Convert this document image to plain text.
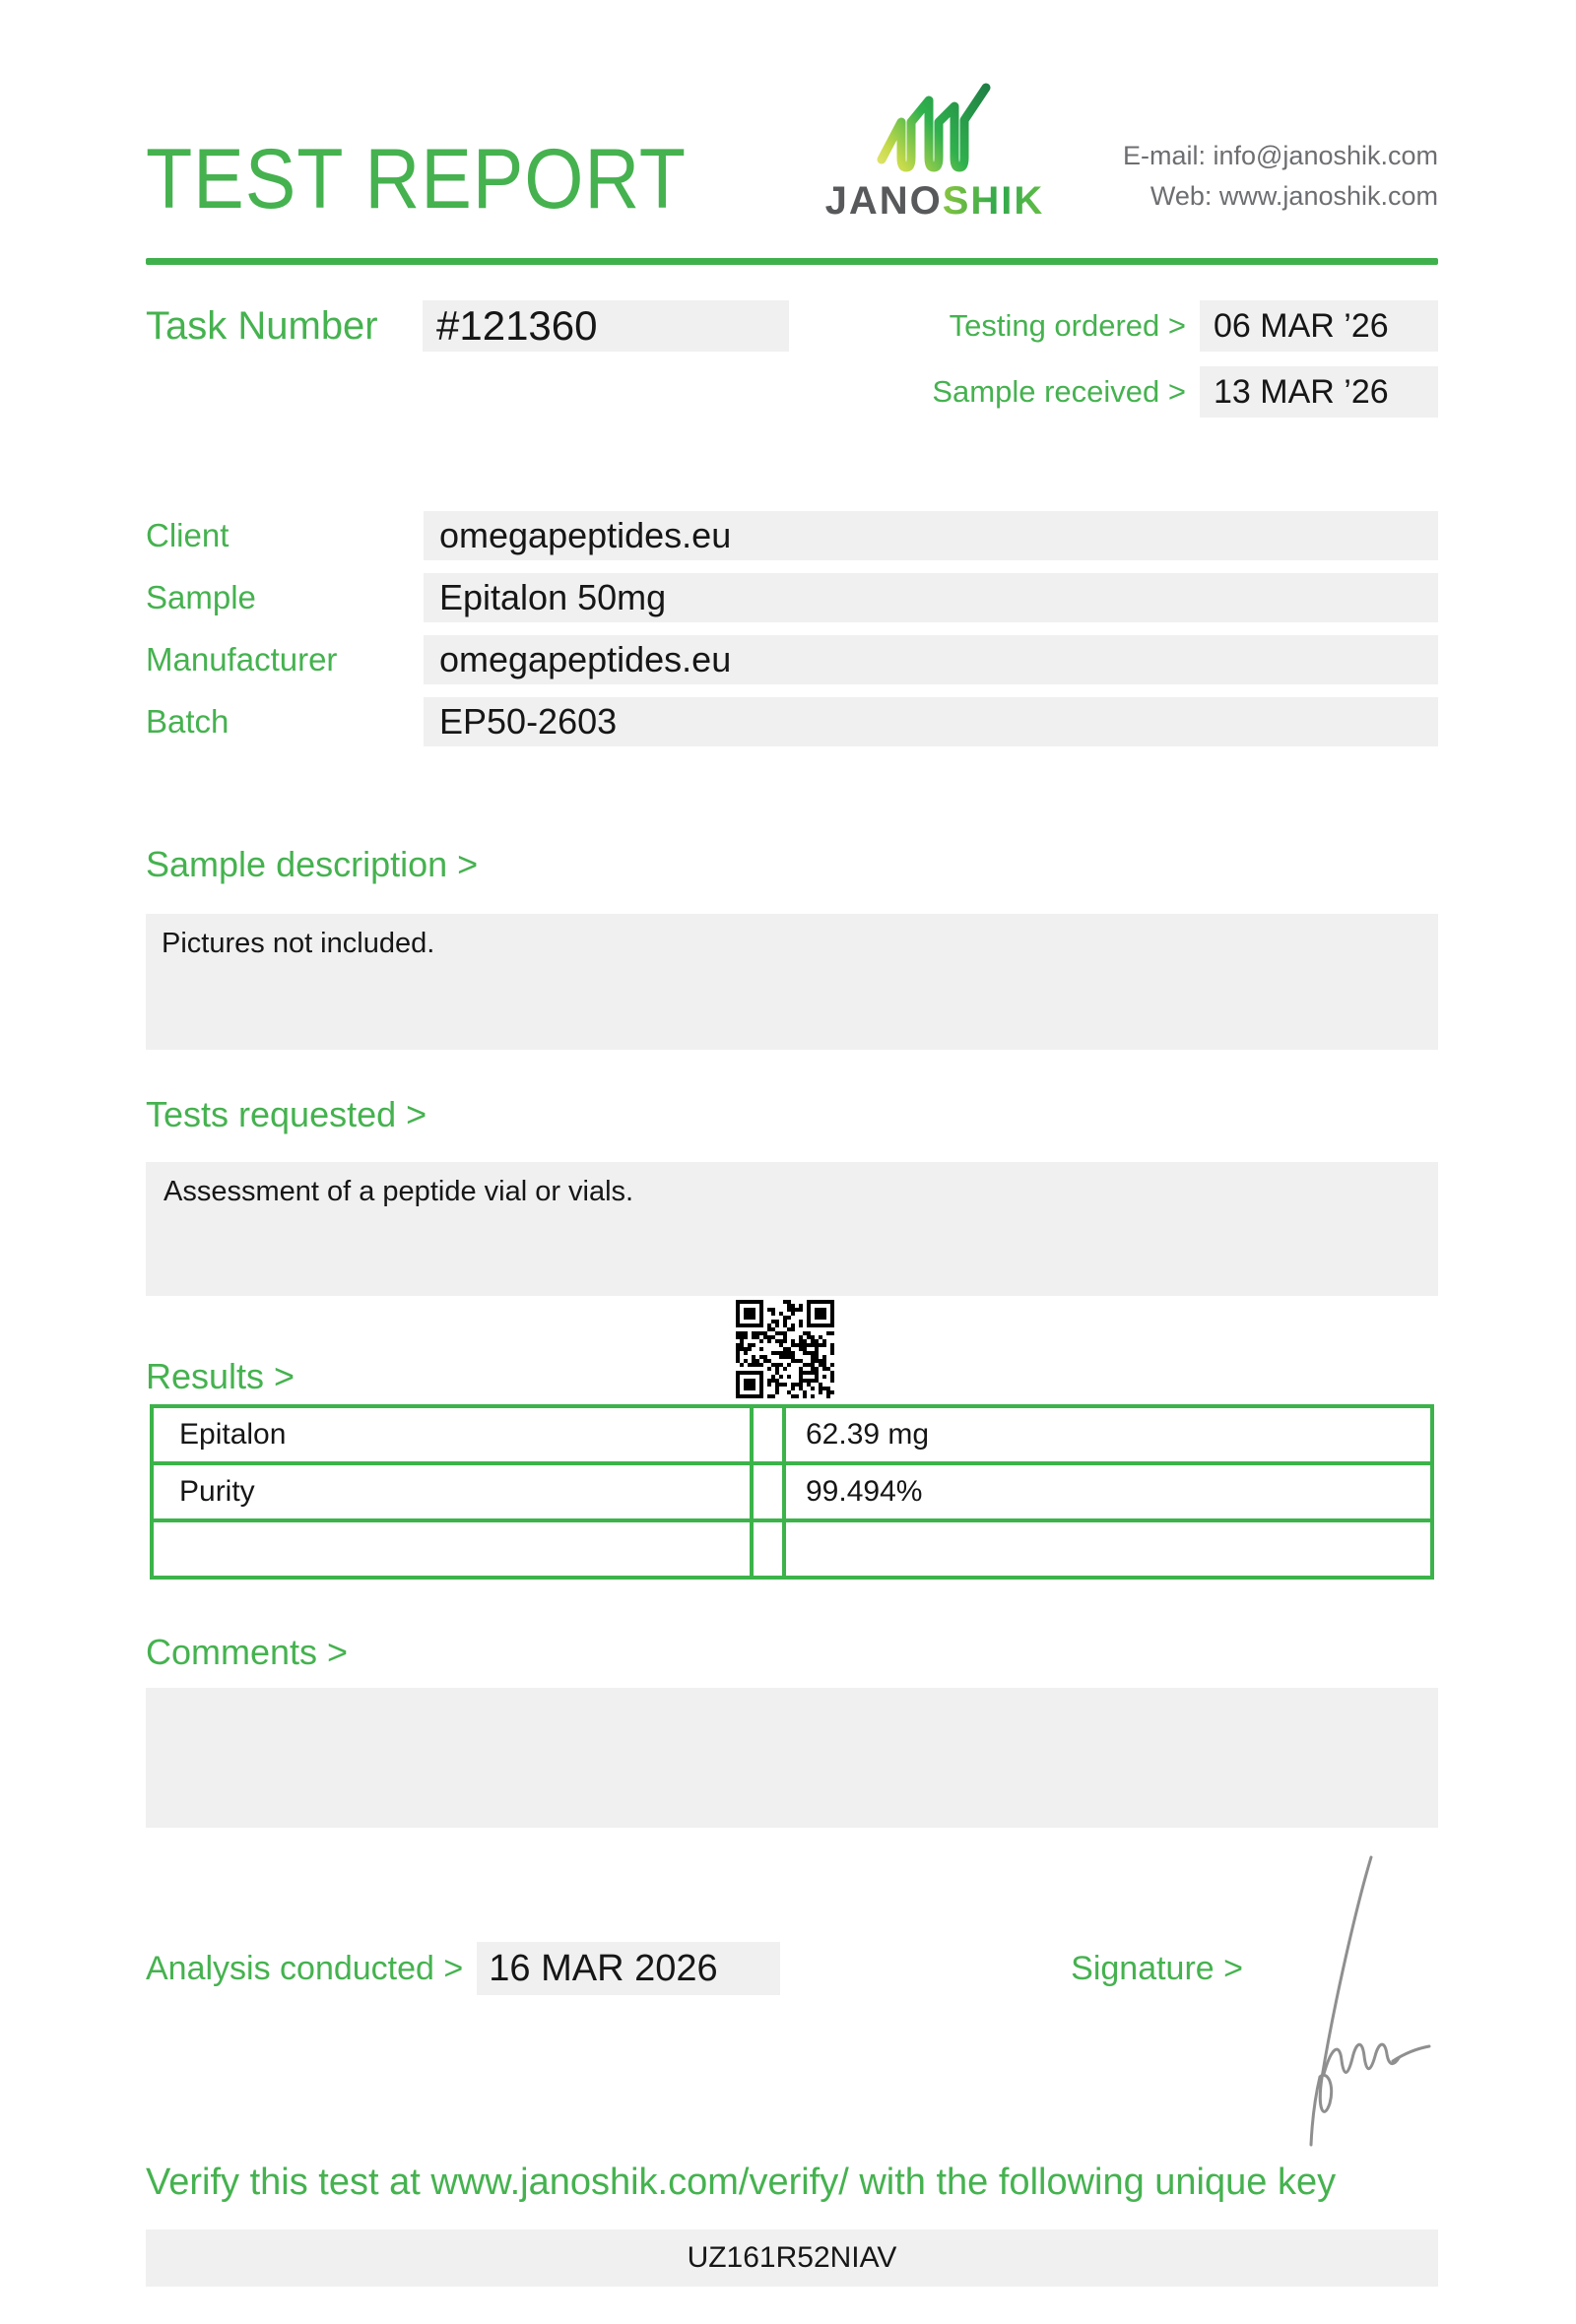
TEST REPORT	JANOSHIK
E-mail: info@janoshik.com
Web: www.janoshik.com
Task Number	#121360	Testing ordered > 06 MAR ’26
Sample received > 13 MAR ’26
Client	omegapeptides.eu
Sample	Epitalon 50mg
Manufacturer	omegapeptides.eu
Batch	EP50-2603
Sample description >
Pictures not included.
Tests requested >
Assessment of a peptide vial or vials.
Results >
Epitalon		62.39 mg
Purity		99.494%

Comments >
Analysis conducted > 16 MAR 2026	Signature >
Verify this test at www.janoshik.com/verify/ with the following unique key
UZ161R52NIAV
